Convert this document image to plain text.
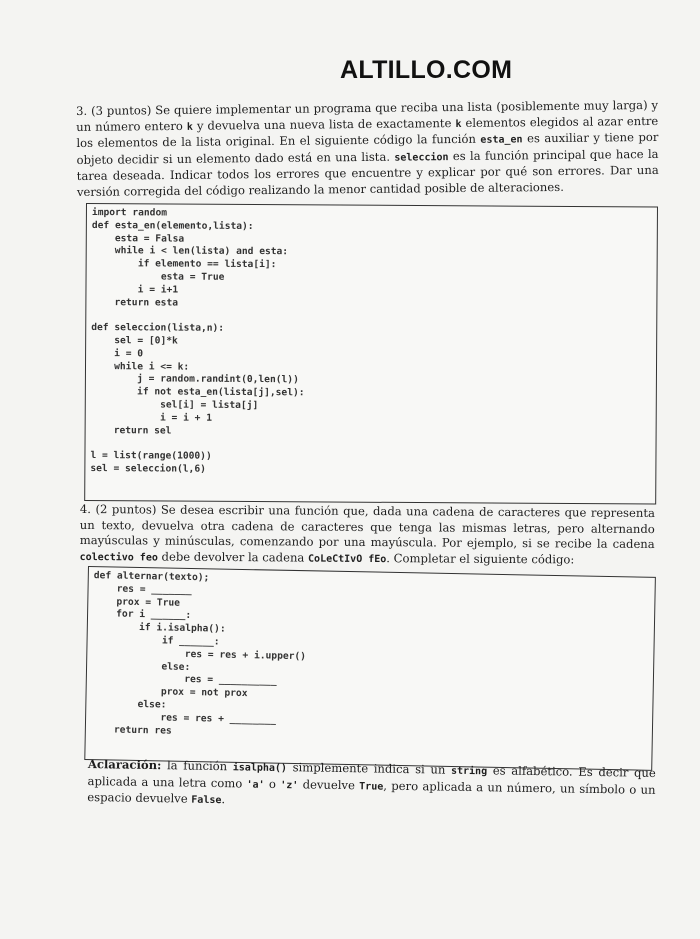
ALTILLO.COM
3. (3 puntos) Se quiere implementar un programa que reciba una lista (posiblemente muy larga) y un número entero k y devuelva una nueva lista de exactamente k elementos elegidos al azar entre los elementos de la lista original. En el siguiente código la función esta_en es auxiliar y tiene por objeto decidir si un elemento dado está en una lista. seleccion es la función principal que hace la tarea deseada. Indicar todos los errores que encuentre y explicar por qué son errores. Dar una versión corregida del código realizando la menor cantidad posible de alteraciones.
import random
def esta_en(elemento,lista):
esta = Falsa
while i < len(lista) and esta:
if elemento == lista[i]:
esta = True
i = i+1
return esta

def seleccion(lista,n):
sel = [0]*k
i = 0
while i <= k:
j = random.randint(0,len(l))
if not esta_en(lista[j],sel):
sel[i] = lista[j]
i = i + 1
return sel

l = list(range(1000))
sel = seleccion(l,6)
4. (2 puntos) Se desea escribir una función que, dada una cadena de caracteres que representa un texto, devuelva otra cadena de caracteres que tenga las mismas letras, pero alternando mayúsculas y minúsculas, comenzando por una mayúscula. Por ejemplo, si se recibe la cadena colectivo feo debe devolver la cadena CoLeCtIvO fEo. Completar el siguiente código:
def alternar(texto);
res = _______
prox = True
for i ______:
if i.isalpha():
if ______:
res = res + i.upper()
else:
res = __________
prox = not prox
else:
res = res + ________
return res
Aclaración: la función isalpha() simplemente indica si un string es alfabético. Es decir que aplicada a una letra como 'a' o 'z' devuelve True, pero aplicada a un número, un símbolo o un espacio devuelve False.
